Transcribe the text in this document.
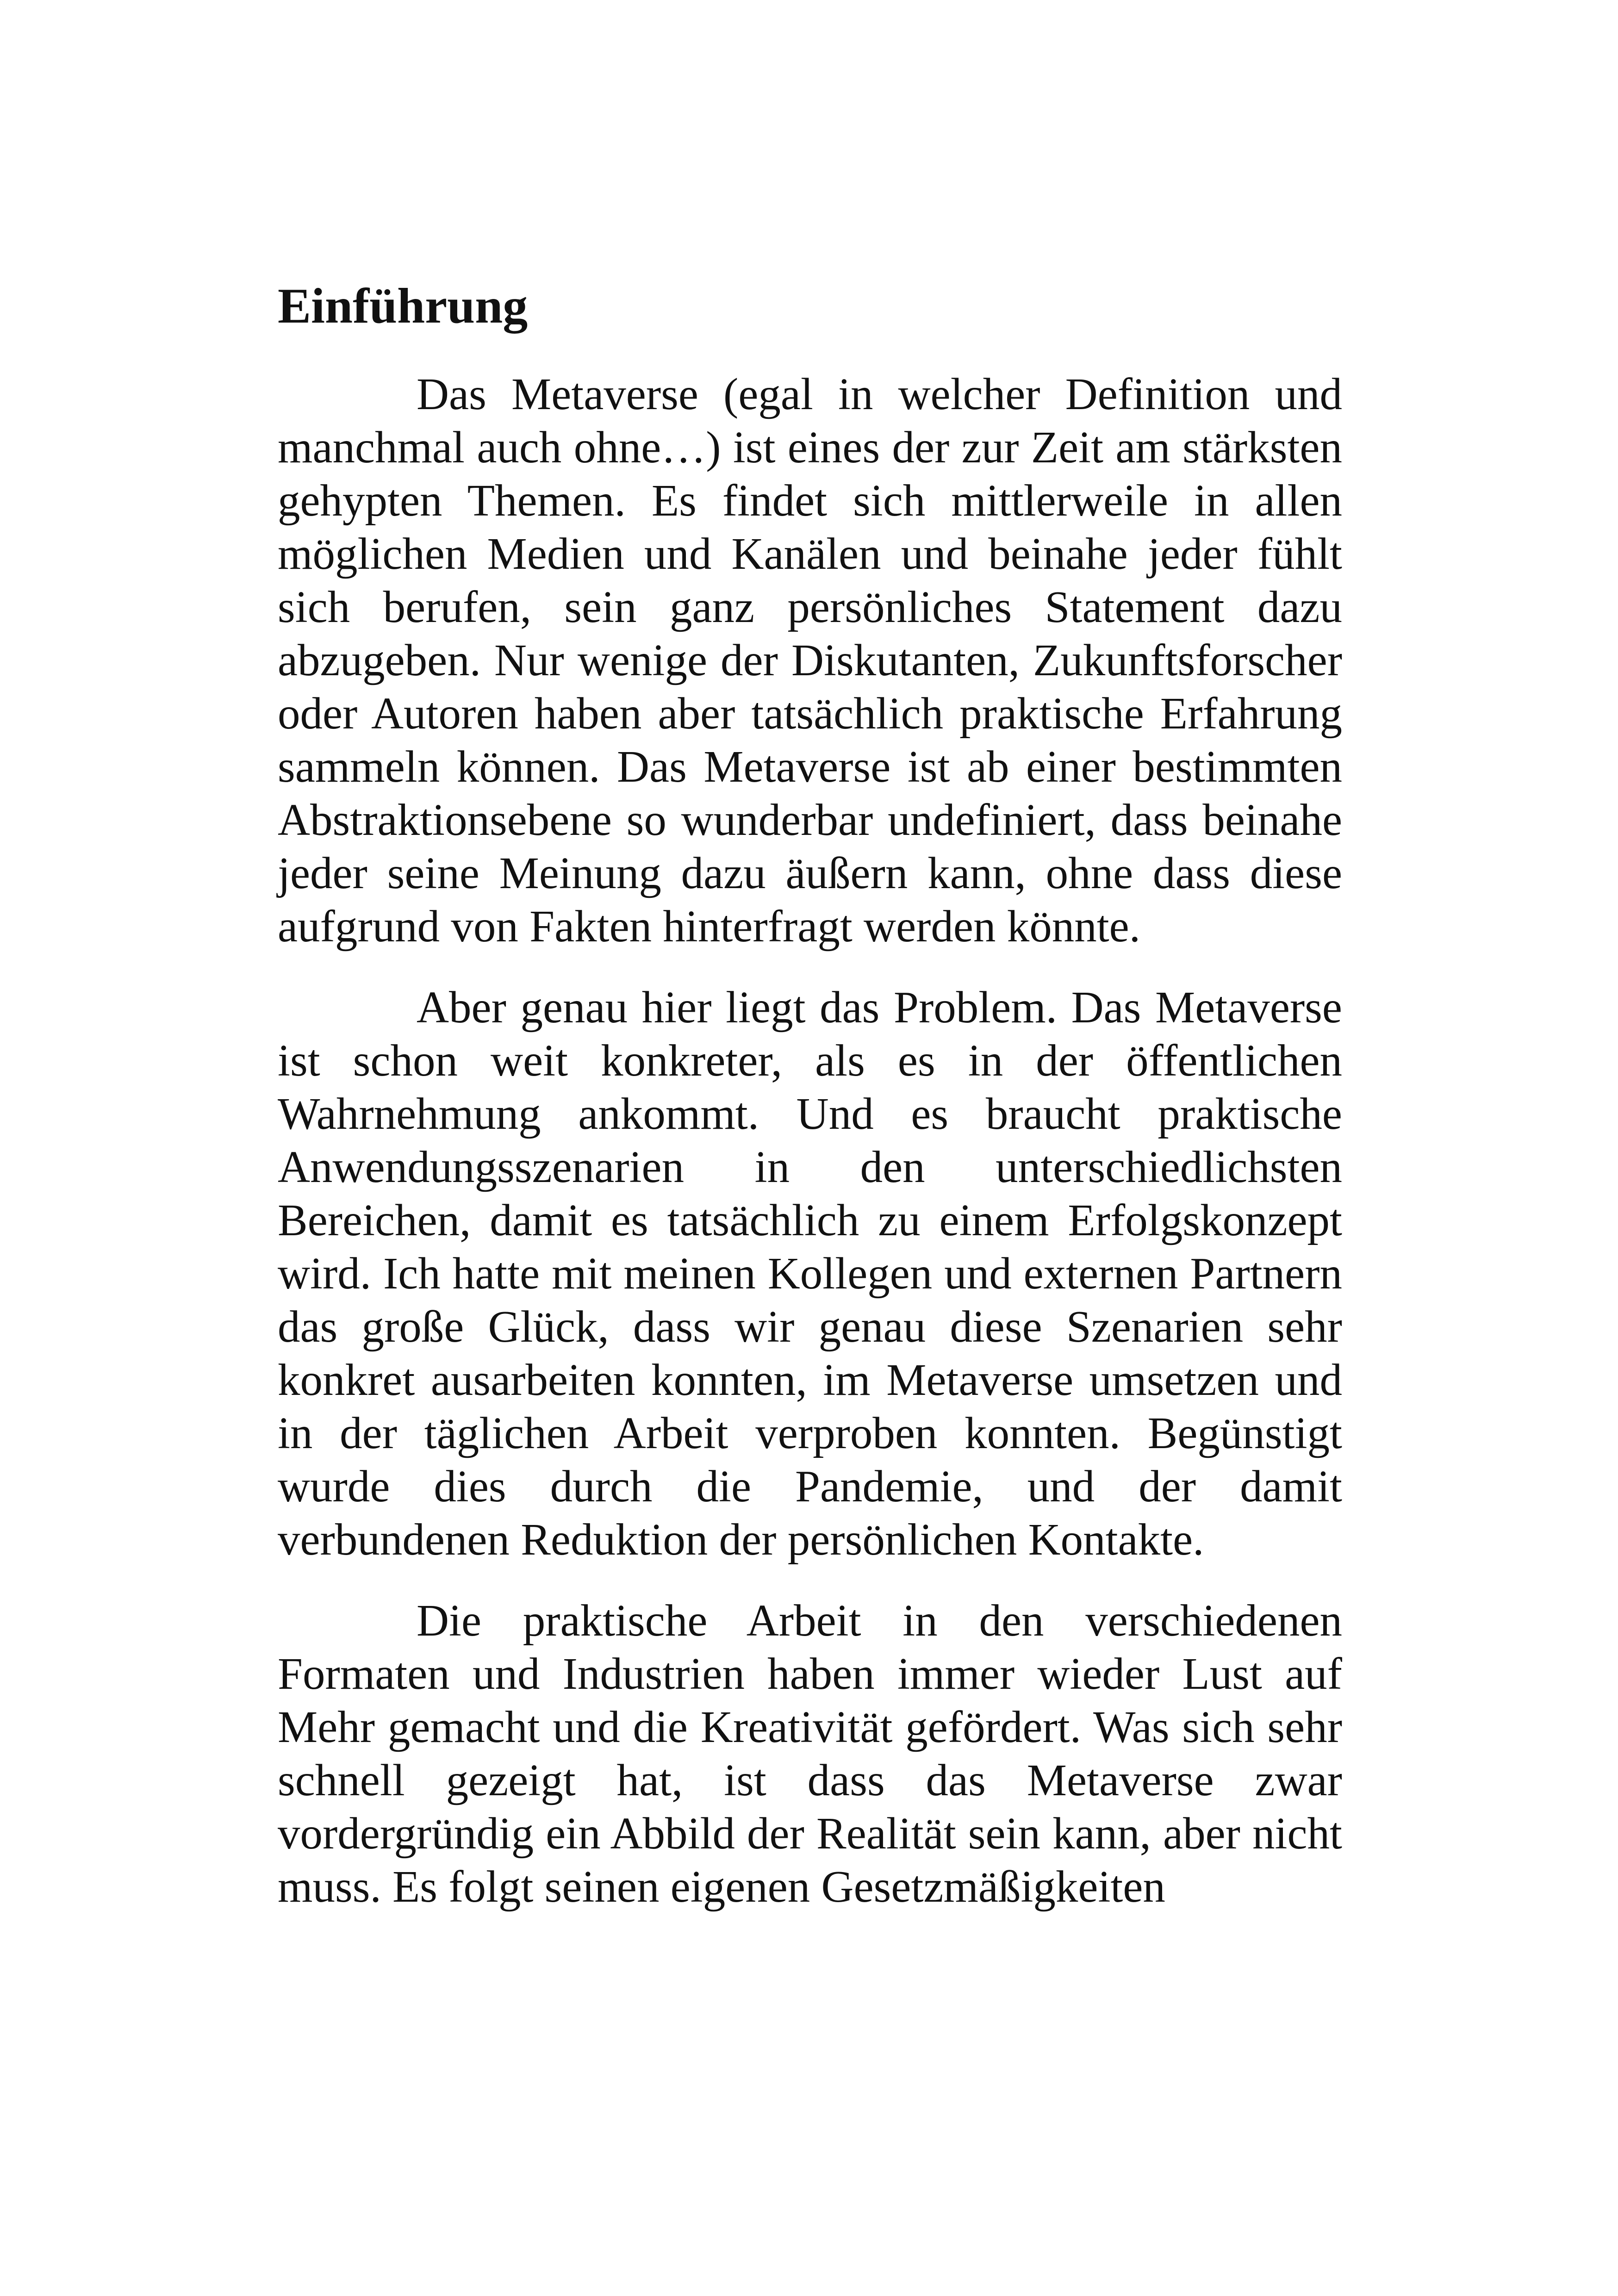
Einführung

Das Metaverse (egal in welcher Definition und manchmal auch ohne…) ist eines der zur Zeit am stärksten gehypten Themen. Es findet sich mittlerweile in allen möglichen Medien und Kanälen und beinahe jeder fühlt sich berufen, sein ganz persönliches Statement dazu abzugeben. Nur wenige der Diskutanten, Zukunftsforscher oder Autoren haben aber tatsächlich praktische Erfahrung sammeln können. Das Metaverse ist ab einer bestimmten Abstraktionsebene so wunderbar undefiniert, dass beinahe jeder seine Meinung dazu äußern kann, ohne dass diese aufgrund von Fakten hinterfragt werden könnte.

Aber genau hier liegt das Problem. Das Metaverse ist schon weit konkreter, als es in der öffentlichen Wahrnehmung ankommt. Und es braucht praktische Anwendungsszenarien in den unterschiedlichsten Bereichen, damit es tatsächlich zu einem Erfolgskonzept wird. Ich hatte mit meinen Kollegen und externen Partnern das große Glück, dass wir genau diese Szenarien sehr konkret ausarbeiten konnten, im Metaverse umsetzen und in der täglichen Arbeit verproben konnten. Begünstigt wurde dies durch die Pandemie, und der damit verbundenen Reduktion der persönlichen Kontakte.

Die praktische Arbeit in den verschiedenen Formaten und Industrien haben immer wieder Lust auf Mehr gemacht und die Kreativität gefördert. Was sich sehr schnell gezeigt hat, ist dass das Metaverse zwar vordergründig ein Abbild der Realität sein kann, aber nicht muss. Es folgt seinen eigenen Gesetzmäßigkeiten
